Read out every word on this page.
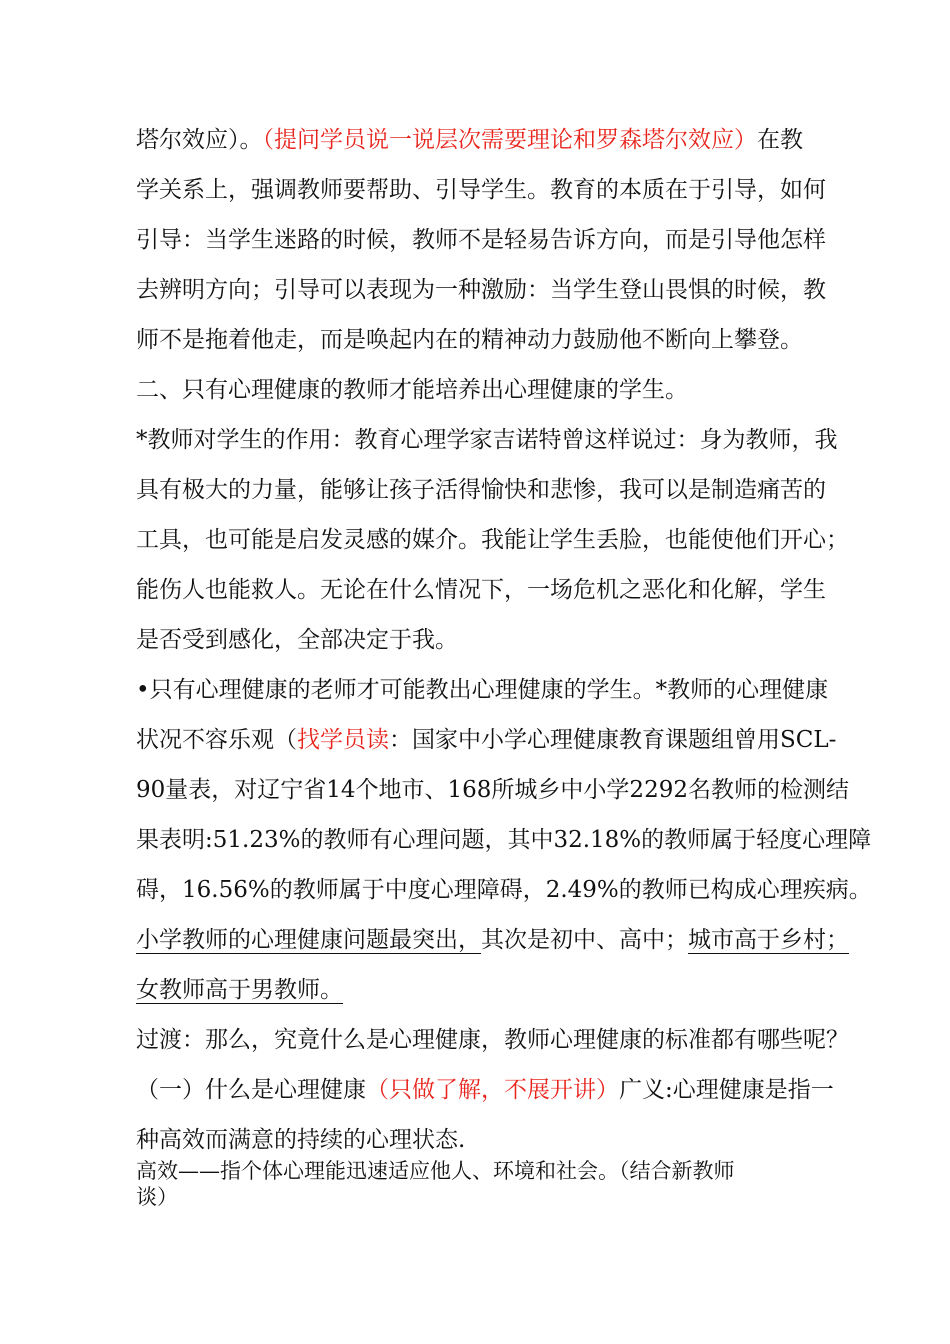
塔尔效应）。（提问学员说一说层次需要理论和罗森塔尔效应）在教
学关系上，强调教师要帮助、引导学生。教育的本质在于引导，如何
引导：当学生迷路的时候，教师不是轻易告诉方向，而是引导他怎样
去辨明方向；引导可以表现为一种激励：当学生登山畏惧的时候，教
师不是拖着他走，而是唤起内在的精神动力鼓励他不断向上攀登。
二、只有心理健康的教师才能培养出心理健康的学生。
*教师对学生的作用：教育心理学家吉诺特曾这样说过：身为教师，我
具有极大的力量，能够让孩子活得愉快和悲惨，我可以是制造痛苦的
工具，也可能是启发灵感的媒介。我能让学生丢脸，也能使他们开心；
能伤人也能救人。无论在什么情况下，一场危机之恶化和化解，学生
是否受到感化，全部决定于我。
•只有心理健康的老师才可能教出心理健康的学生。*教师的心理健康
状况不容乐观（找学员读：国家中小学心理健康教育课题组曾用SCL-
90量表，对辽宁省14个地市、168所城乡中小学2292名教师的检测结
果表明:51.23%的教师有心理问题，其中32.18%的教师属于轻度心理障
碍，16.56%的教师属于中度心理障碍，2.49%的教师已构成心理疾病。
小学教师的心理健康问题最突出，其次是初中、高中；城市高于乡村；
女教师高于男教师。
过渡：那么，究竟什么是心理健康，教师心理健康的标准都有哪些呢？
（一）什么是心理健康（只做了解，不展开讲）广义:心理健康是指一
种高效而满意的持续的心理状态.
高效——指个体心理能迅速适应他人、环境和社会。（结合新教师
谈）
